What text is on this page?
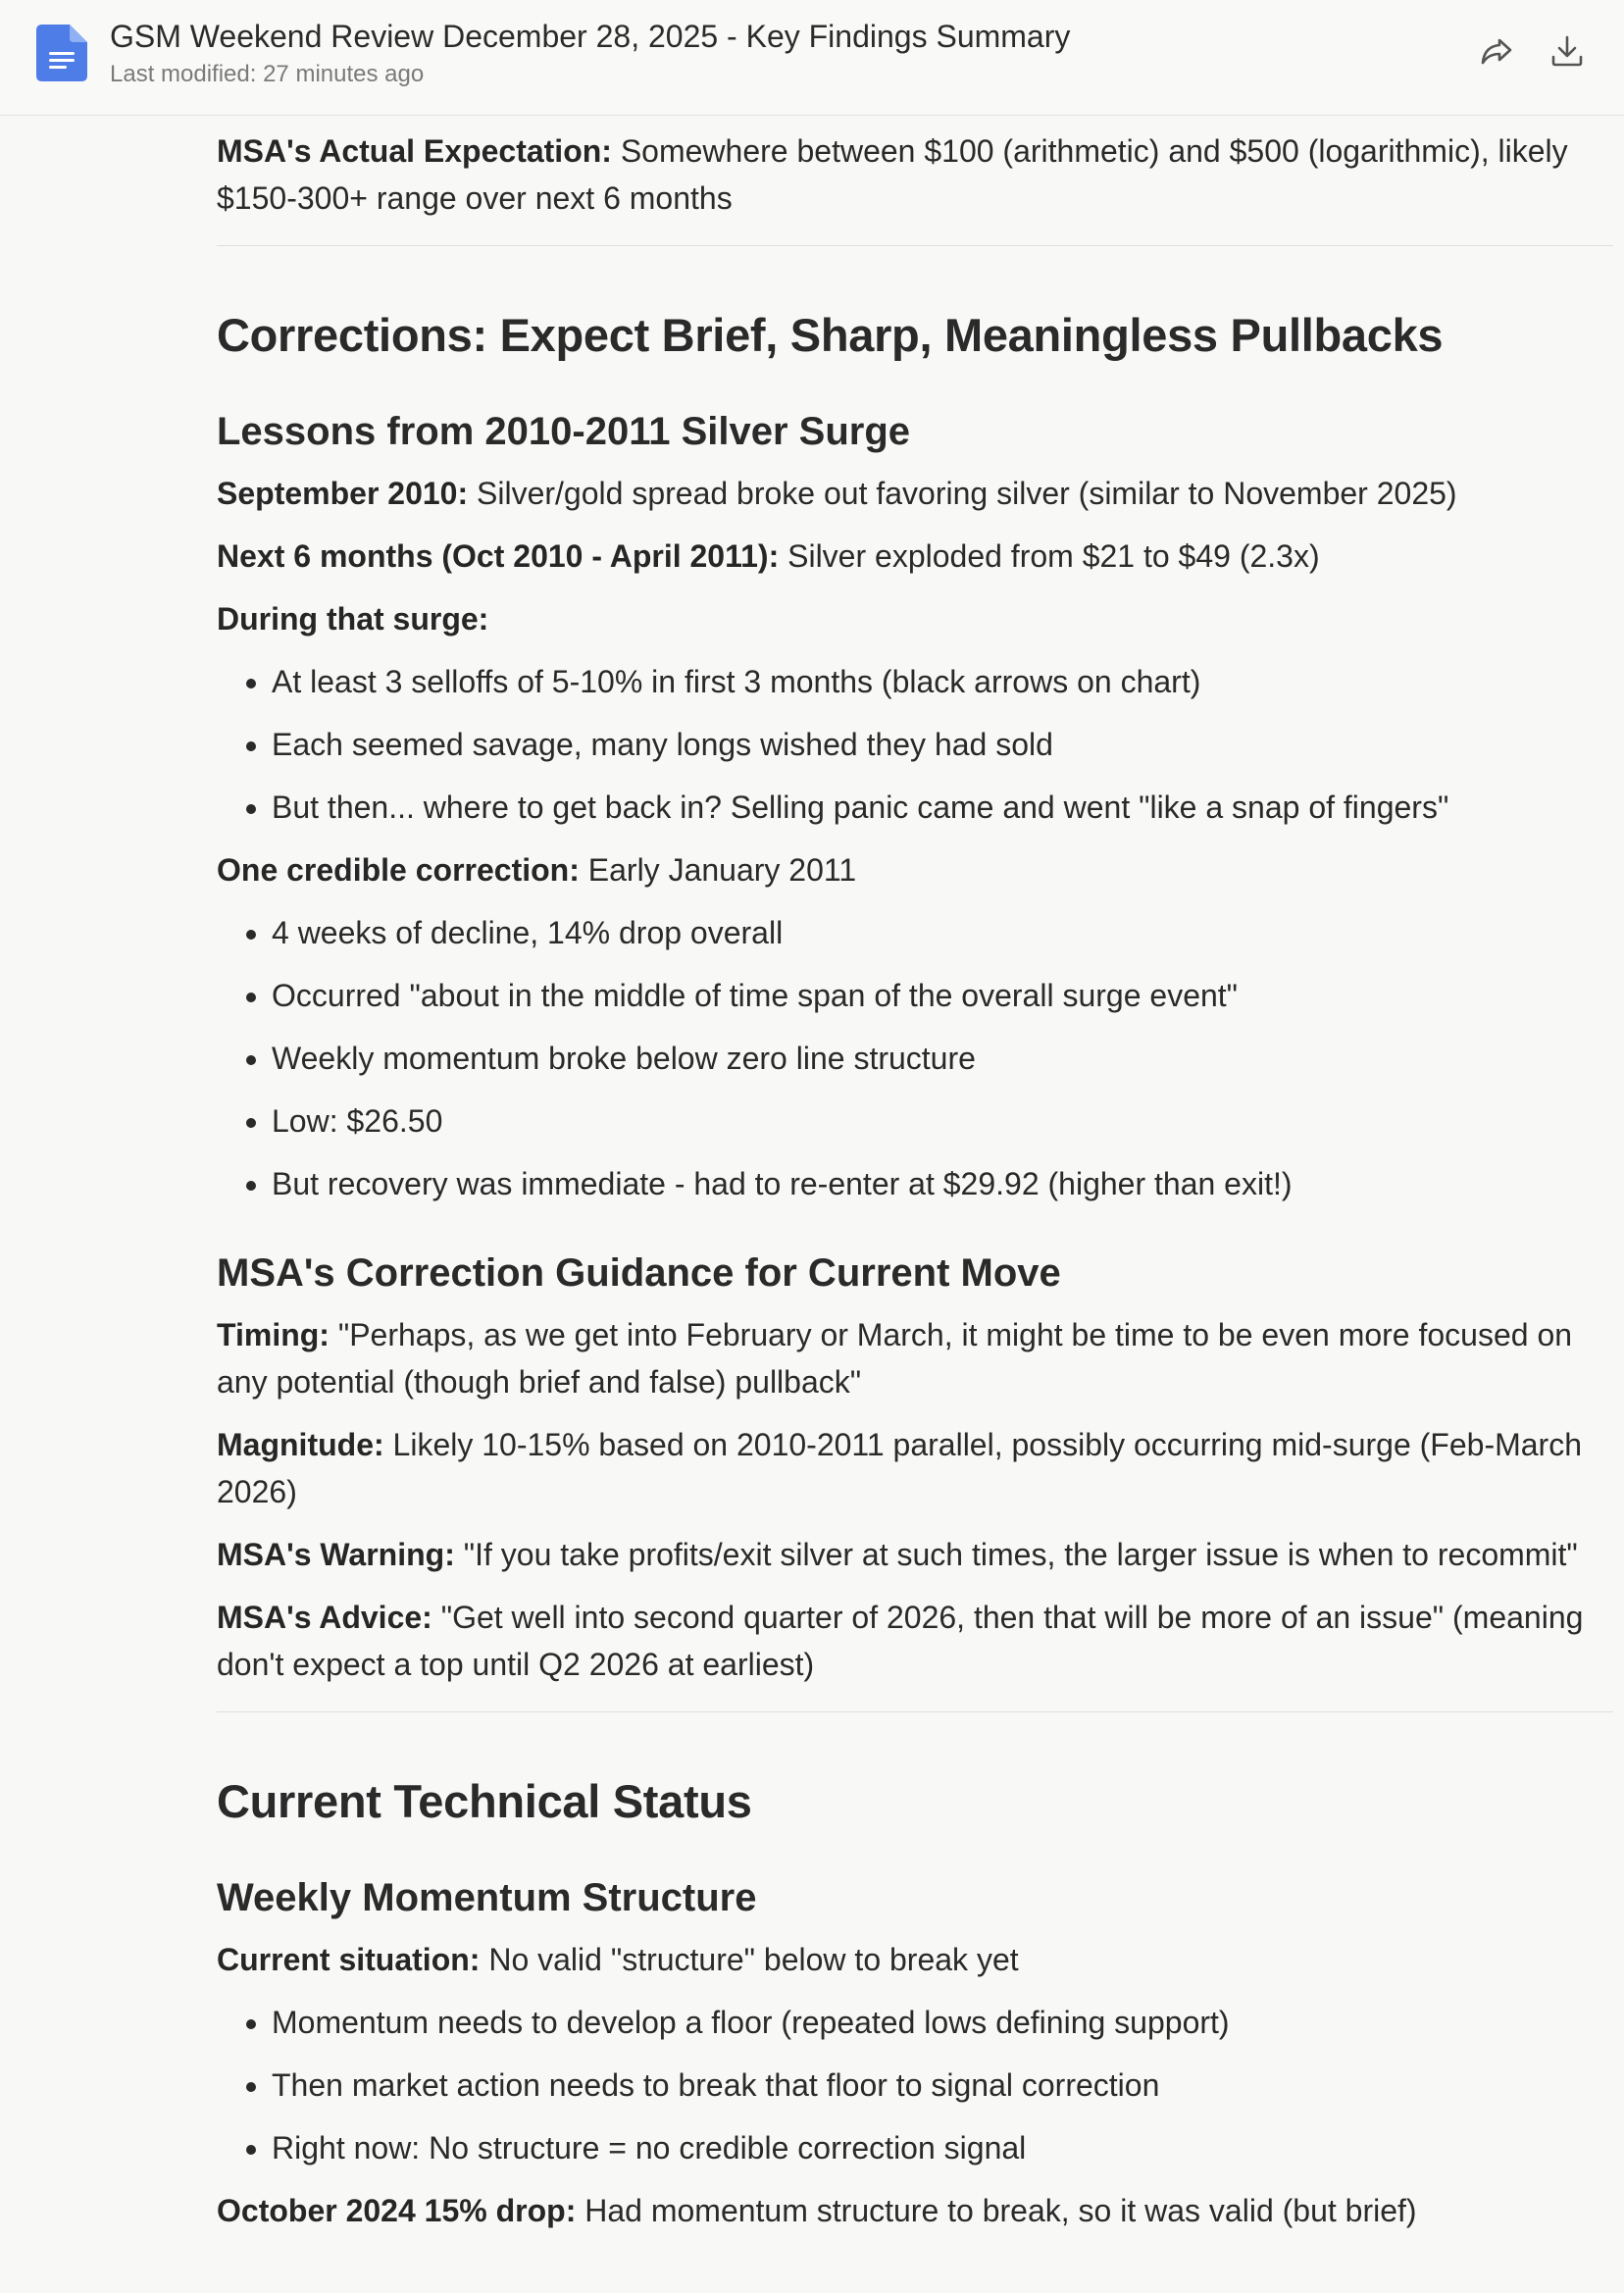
GSM Weekend Review December 28, 2025 - Key Findings Summary
Last modified: 27 minutes ago

MSA's Actual Expectation: Somewhere between $100 (arithmetic) and $500 (logarithmic), likely $150-300+ range over next 6 months

Corrections: Expect Brief, Sharp, Meaningless Pullbacks
Lessons from 2010-2011 Silver Surge

September 2010: Silver/gold spread broke out favoring silver (similar to November 2025)

Next 6 months (Oct 2010 - April 2011): Silver exploded from $21 to $49 (2.3x)

During that surge:

• At least 3 selloffs of 5-10% in first 3 months (black arrows on chart)
• Each seemed savage, many longs wished they had sold
• But then... where to get back in? Selling panic came and went "like a snap of fingers"

One credible correction: Early January 2011

• 4 weeks of decline, 14% drop overall
• Occurred "about in the middle of time span of the overall surge event"
• Weekly momentum broke below zero line structure
• Low: $26.50
• But recovery was immediate - had to re-enter at $29.92 (higher than exit!)
MSA's Correction Guidance for Current Move

Timing: "Perhaps, as we get into February or March, it might be time to be even more focused on any potential (though brief and false) pullback"

Magnitude: Likely 10-15% based on 2010-2011 parallel, possibly occurring mid-surge (Feb-March 2026)

MSA's Warning: "If you take profits/exit silver at such times, the larger issue is when to recommit"

MSA's Advice: "Get well into second quarter of 2026, then that will be more of an issue" (meaning don't expect a top until Q2 2026 at earliest)

Current Technical Status
Weekly Momentum Structure

Current situation: No valid "structure" below to break yet

• Momentum needs to develop a floor (repeated lows defining support)
• Then market action needs to break that floor to signal correction
• Right now: No structure = no credible correction signal

October 2024 15% drop: Had momentum structure to break, so it was valid (but brief)
